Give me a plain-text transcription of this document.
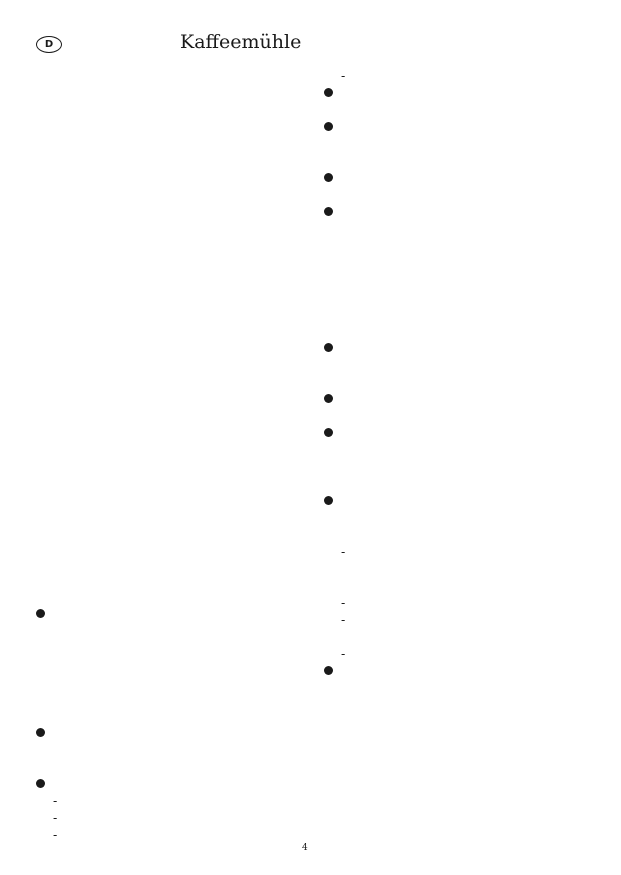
D	Kaffeemühle
-
-
-
-
-
-
-
-
4
